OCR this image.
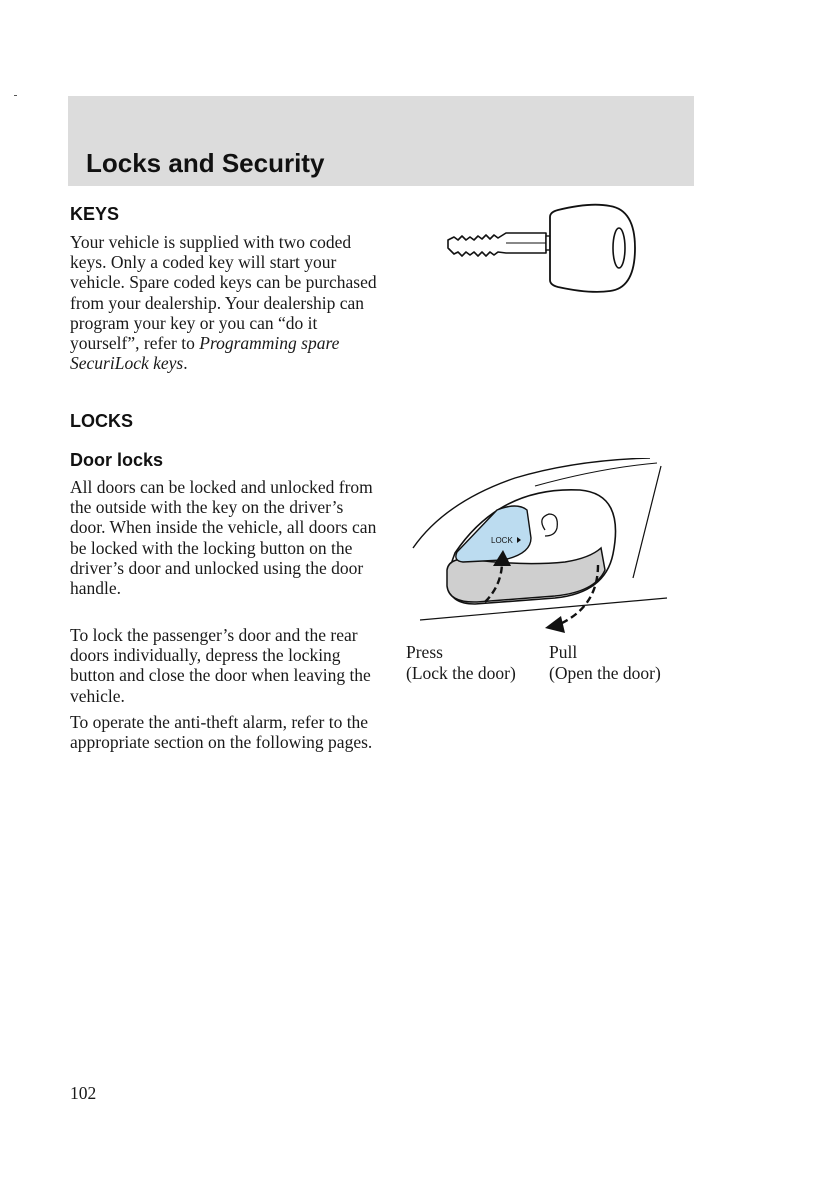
Locks and Security
KEYS

Your vehicle is supplied with two coded keys. Only a coded key will start your vehicle. Spare coded keys can be purchased from your dealership. Your dealership can program your key or you can “do it yourself”, refer to Programming spare SecuriLock keys.

LOCKS
Door locks

All doors can be locked and unlocked from the outside with the key on the driver’s door. When inside the vehicle, all doors can be locked with the locking button on the driver’s door and unlocked using the door handle.

To lock the passenger’s door and the rear doors individually, depress the locking button and close the door when leaving the vehicle.

To operate the anti-theft alarm, refer to the appropriate section on the following pages.

LOCK

Press
(Lock the door)

Pull
(Open the door)

102
